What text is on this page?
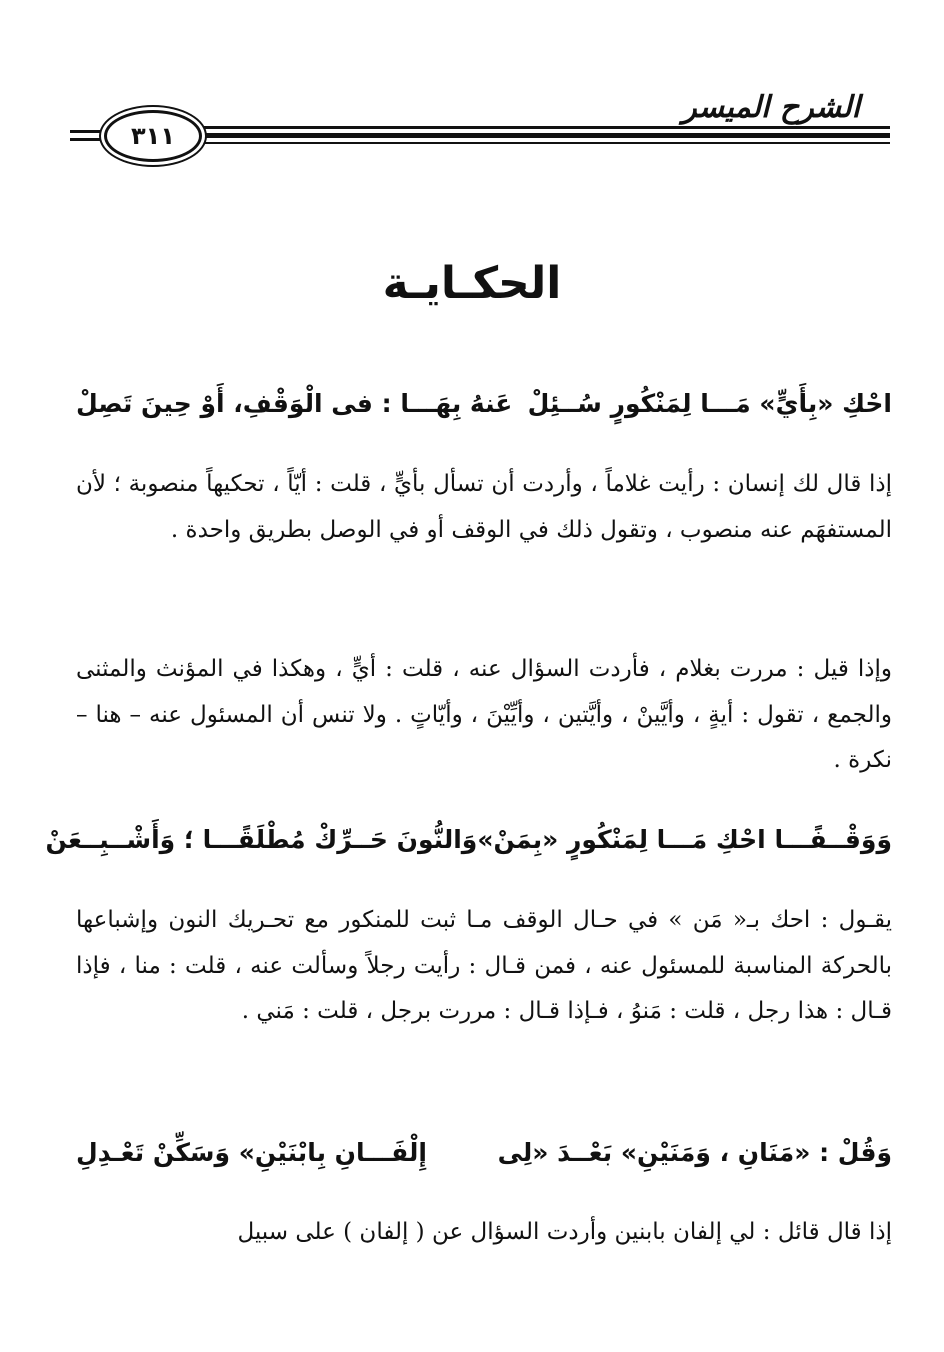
الشرح الميسر
٣١١
الحكـايـة
احْكِ «بِأَيٍّ» مَـــا لِمَنْكُورٍ سُــئِلْ
عَنهُ بِهَـــا : فى الْوَقْفِ، أَوْ حِينَ تَصِلْ

إذا قال لك إنسان : رأيت غلاماً ، وأردت أن تسأل بأيٍّ ، قلت : أيّاً ، تحكيهاً منصوبة ؛ لأن المستفهَم عنه منصوب ، وتقول ذلك في الوقف أو في الوصل بطريق واحدة .

وإذا قيل : مررت بغلام ، فأردت السؤال عنه ، قلت : أيٍّ ، وهكذا في المؤنث والمثنى والجمع ، تقول : أيةٍ ، وأيَّينْ ، وأيَّتين ، وأيِّيْنَ ، وأيّاتٍ . ولا تنس أن المسئول عنه – هنا – نكرة .

وَوَقْــفًـــا احْكِ مَـــا لِمَنْكُورٍ «بِمَنْ»
وَالنُّونَ حَــرِّكْ مُطْلَقًـــا ؛ وَأَشْــبِــعَنْ

يقـول : احك بـ« مَن » في حـال الوقف مـا ثبت للمنكور مع تحـريك النون وإشباعها بالحركة المناسبة للمسئول عنه ، فمن قـال : رأيت رجلاً وسألت عنه ، قلت : منا ، فإذا قـال : هذا رجل ، قلت : مَنوُ ، فـإذا قـال : مررت برجل ، قلت : مَني .

وَقُلْ : «مَنَانِ ، وَمَنَيْنِ» بَعْــدَ «لِى
إِلْفَـــانِ بِابْنَيْنِ» وَسَكِّنْ تَعْـدِلِ

إذا قال قائل : لي إلفان بابنين وأردت السؤال عن ( إلفان ) على سبيل
